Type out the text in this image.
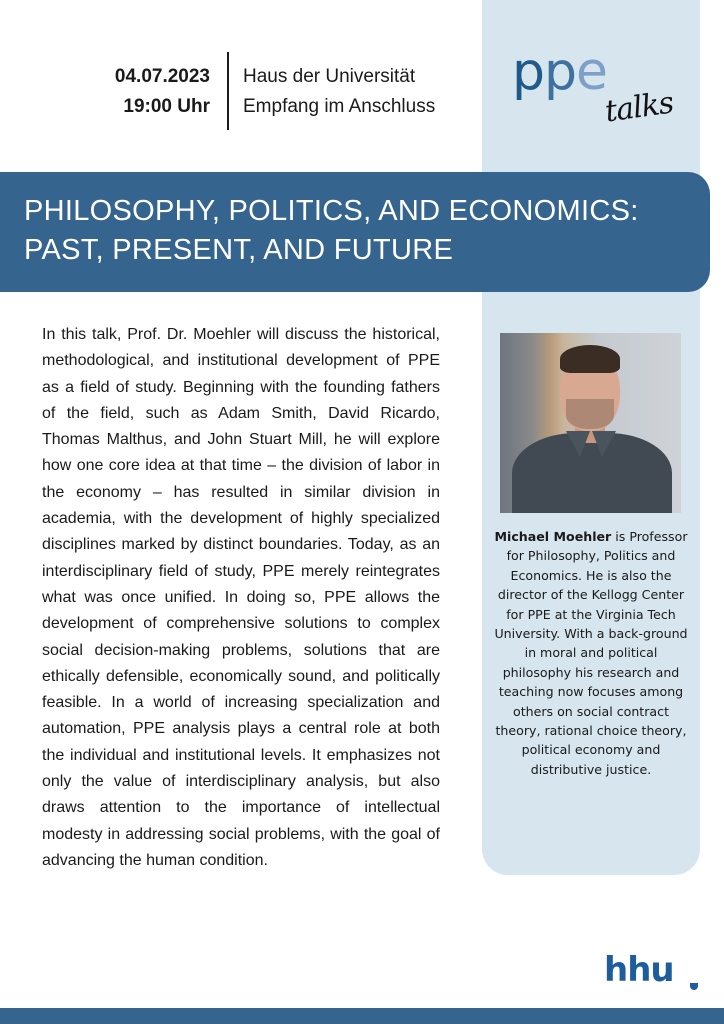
04.07.2023
19:00 Uhr
Haus der Universität
Empfang im Anschluss
ppe
talks
PHILOSOPHY, POLITICS, AND ECONOMICS:
PAST, PRESENT, AND FUTURE

In this talk, Prof. Dr. Moehler will discuss the historical, methodological, and institutional development of PPE as a field of study. Beginning with the founding fathers of the field, such as Adam Smith, David Ricardo, Thomas Malthus, and John Stuart Mill, he will explore how one core idea at that time – the division of labor in the economy – has resulted in similar division in academia, with the development of highly specialized disciplines marked by distinct boundaries. Today, as an interdisciplinary field of study, PPE merely reintegrates what was once unified. In doing so, PPE allows the development of comprehensive solutions to complex social decision-making problems, solutions that are ethically defensible, economically sound, and politically feasible. In a world of increasing specialization and automation, PPE analysis plays a central role at both the individual and institutional levels. It emphasizes not only the value of interdisciplinary analysis, but also draws attention to the importance of intellectual modesty in addressing social problems, with the goal of advancing the human condition.

Michael Moehler is Professor for Philosophy, Politics and Economics. He is also the director of the Kellogg Center for PPE at the Virginia Tech University. With a back-ground in moral and political philosophy his research and teaching now focuses among others on social contract theory, rational choice theory, political economy and distributive justice.

hhu
